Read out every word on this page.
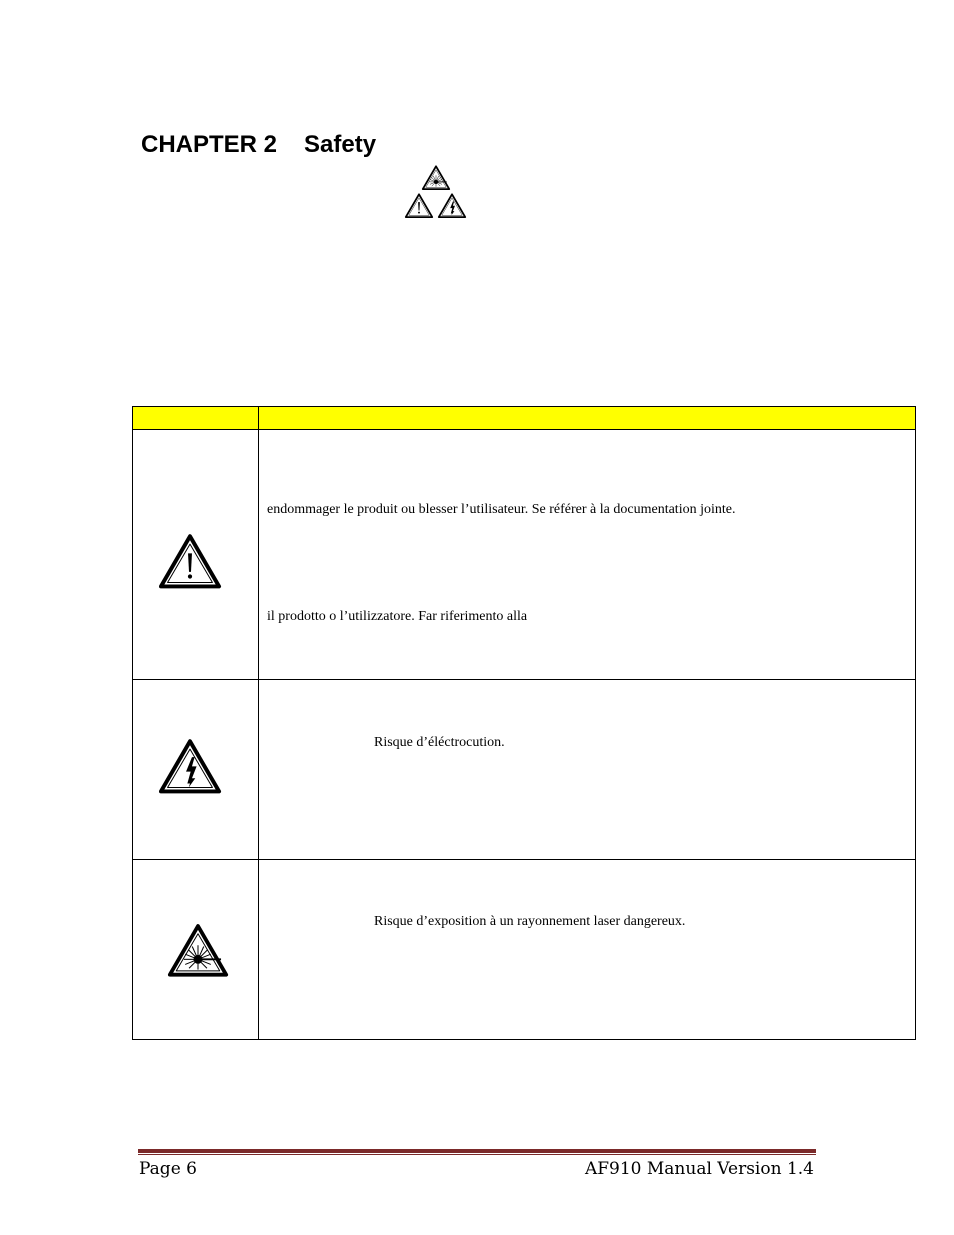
CHAPTER 2 Safety

endommager le produit ou blesser l’utilisateur. Se référer à la documentation jointe.
il prodotto o l’utilizzatore. Far riferimento alla

Risque d’éléctrocution.

Risque d’exposition à un rayonnement laser dangereux.
Page 6	AF910 Manual Version 1.4
